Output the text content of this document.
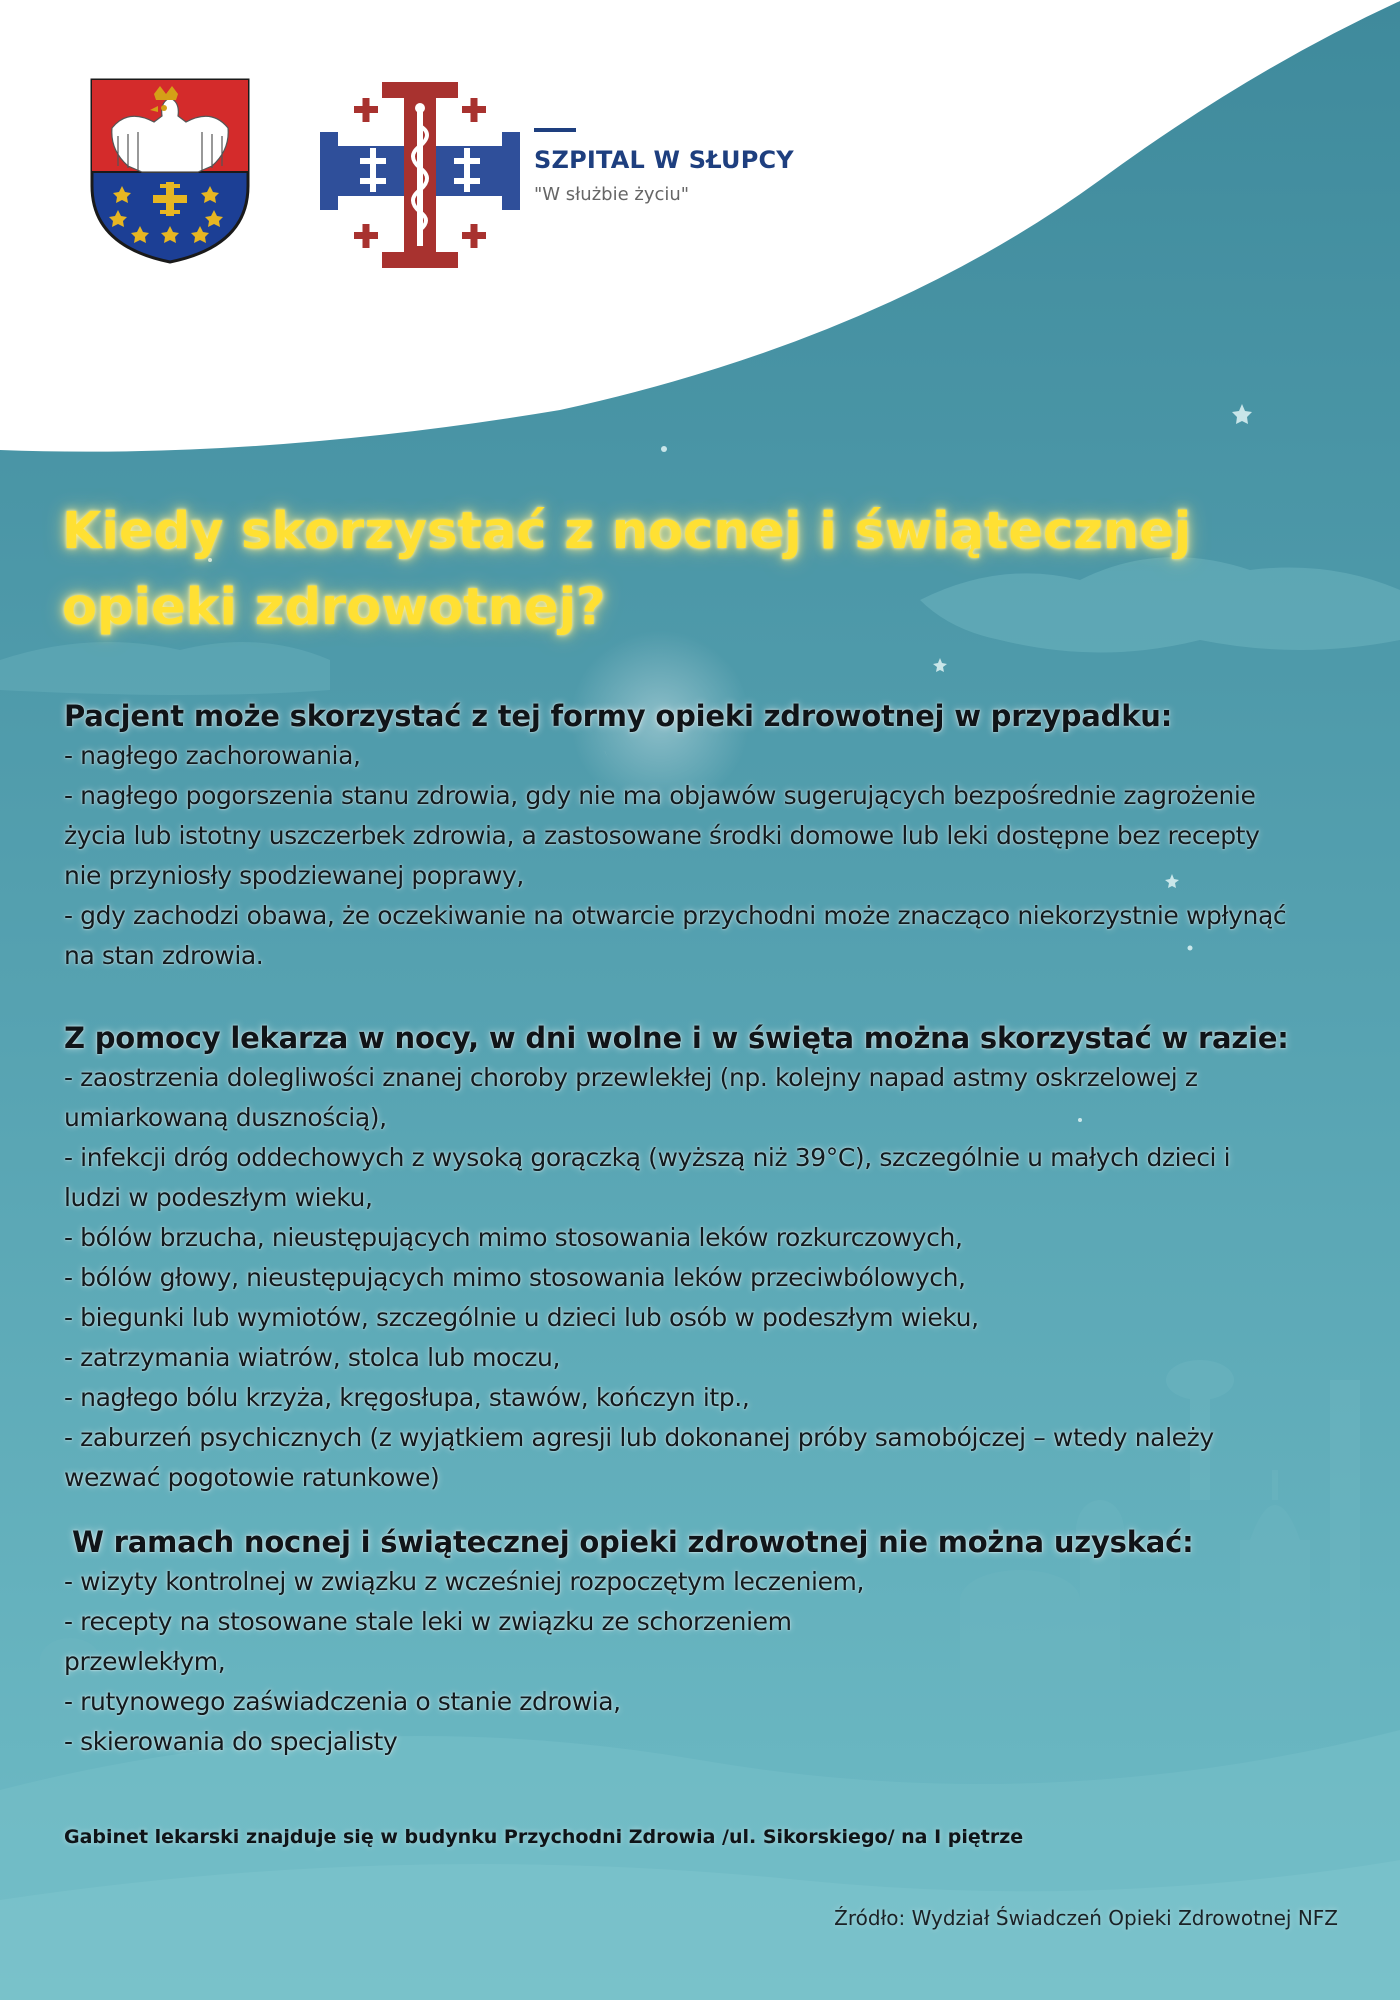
SZPITAL W SŁUPCY
"W służbie życiu"
Kiedy skorzystać z nocnej i świątecznej
opieki zdrowotnej?
Pacjent może skorzystać z tej formy opieki zdrowotnej w przypadku:
- nagłego zachorowania,
- nagłego pogorszenia stanu zdrowia, gdy nie ma objawów sugerujących bezpośrednie zagrożenie
życia lub istotny uszczerbek zdrowia, a zastosowane środki domowe lub leki dostępne bez recepty
nie przyniosły spodziewanej poprawy,
- gdy zachodzi obawa, że oczekiwanie na otwarcie przychodni może znacząco niekorzystnie wpłynąć
na stan zdrowia.
Z pomocy lekarza w nocy, w dni wolne i w święta można skorzystać w razie:
- zaostrzenia dolegliwości znanej choroby przewlekłej (np. kolejny napad astmy oskrzelowej z
umiarkowaną dusznością),
- infekcji dróg oddechowych z wysoką gorączką (wyższą niż 39°C), szczególnie u małych dzieci i
ludzi w podeszłym wieku,
- bólów brzucha, nieustępujących mimo stosowania leków rozkurczowych,
- bólów głowy, nieustępujących mimo stosowania leków przeciwbólowych,
- biegunki lub wymiotów, szczególnie u dzieci lub osób w podeszłym wieku,
- zatrzymania wiatrów, stolca lub moczu,
- nagłego bólu krzyża, kręgosłupa, stawów, kończyn itp.,
- zaburzeń psychicznych (z wyjątkiem agresji lub dokonanej próby samobójczej – wtedy należy
wezwać pogotowie ratunkowe)
W ramach nocnej i świątecznej opieki zdrowotnej nie można uzyskać:
- wizyty kontrolnej w związku z wcześniej rozpoczętym leczeniem,
- recepty na stosowane stale leki w związku ze schorzeniem
przewlekłym,
- rutynowego zaświadczenia o stanie zdrowia,
- skierowania do specjalisty
Gabinet lekarski znajduje się w budynku Przychodni Zdrowia /ul. Sikorskiego/ na I piętrze
Źródło: Wydział Świadczeń Opieki Zdrowotnej NFZ
